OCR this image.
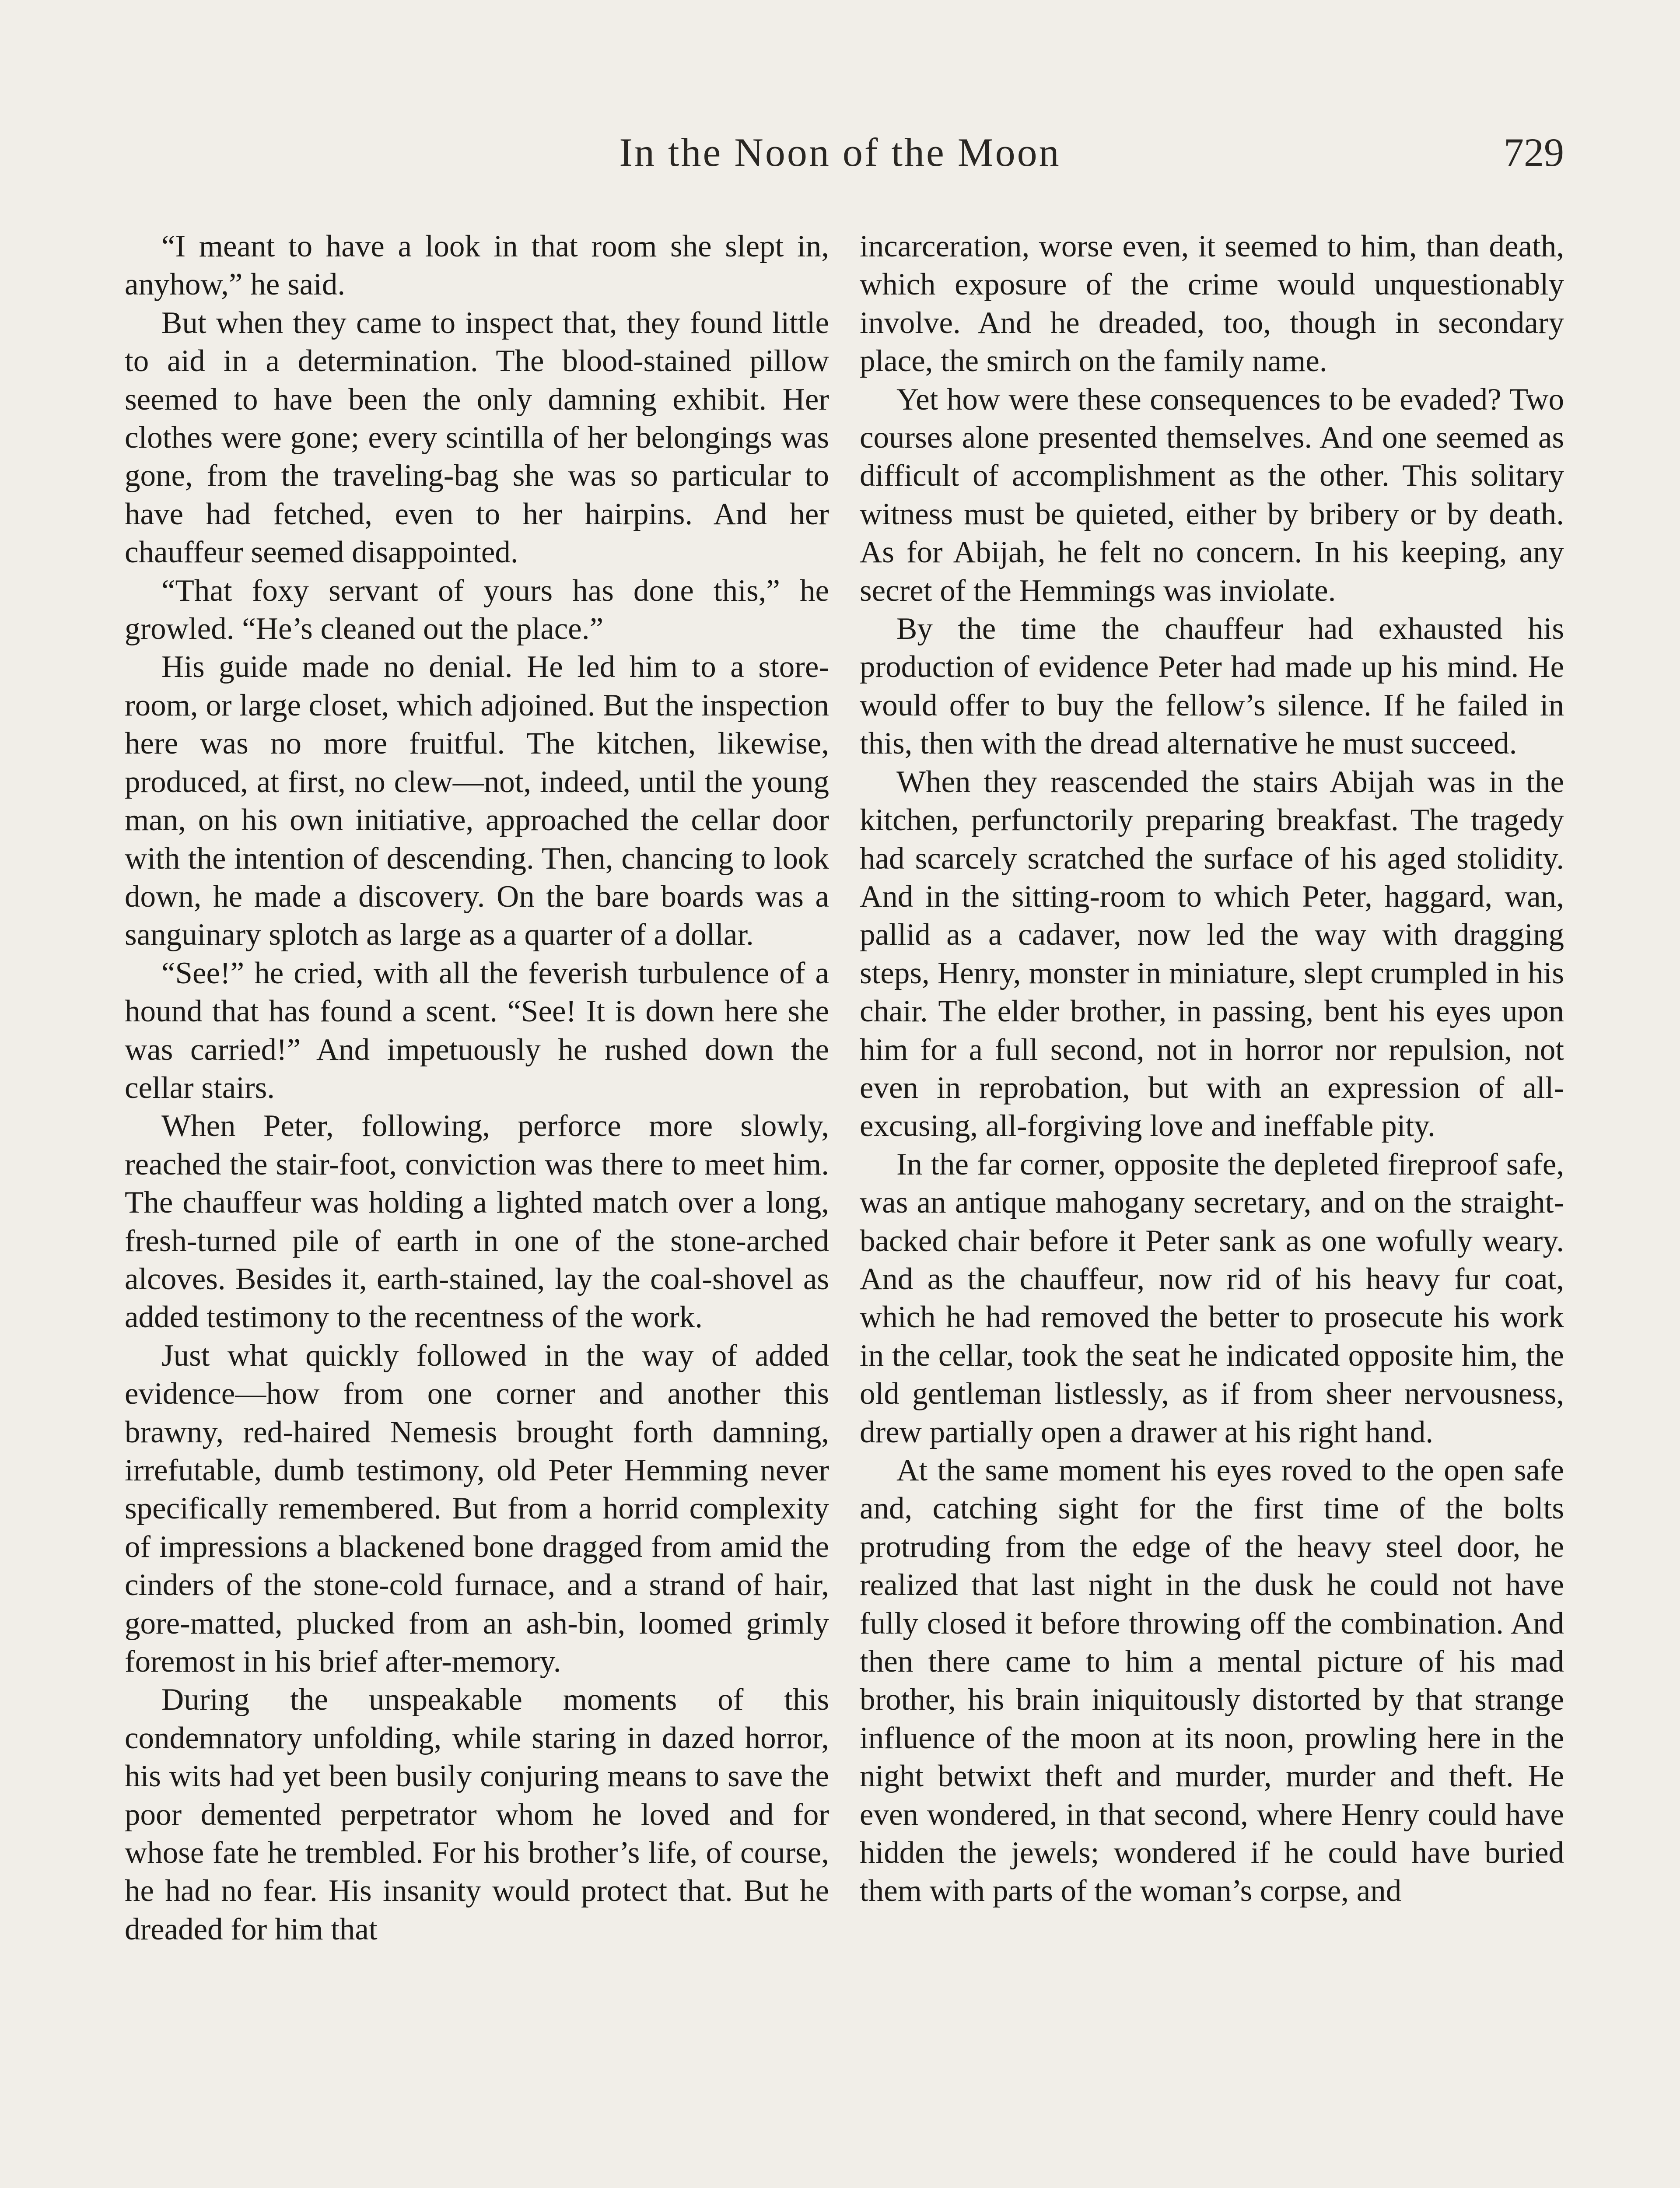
In the Noon of the Moon	729

“I meant to have a look in that room she slept in, anyhow,” he said.

But when they came to inspect that, they found little to aid in a determination. The blood-stained pillow seemed to have been the only damning exhibit. Her clothes were gone; every scintilla of her belongings was gone, from the traveling-bag she was so particular to have had fetched, even to her hairpins. And her chauffeur seemed disappointed.

“That foxy servant of yours has done this,” he growled. “He’s cleaned out the place.”

His guide made no denial. He led him to a store-room, or large closet, which adjoined. But the inspection here was no more fruitful. The kitchen, likewise, produced, at first, no clew—not, indeed, until the young man, on his own initiative, approached the cellar door with the intention of descending. Then, chancing to look down, he made a discovery. On the bare boards was a sanguinary splotch as large as a quarter of a dollar.

“See!” he cried, with all the feverish turbulence of a hound that has found a scent. “See! It is down here she was carried!” And impetuously he rushed down the cellar stairs.

When Peter, following, perforce more slowly, reached the stair-foot, conviction was there to meet him. The chauffeur was holding a lighted match over a long, fresh-turned pile of earth in one of the stone-arched alcoves. Besides it, earth-stained, lay the coal-shovel as added testimony to the recentness of the work.

Just what quickly followed in the way of added evidence—how from one corner and another this brawny, red-haired Nemesis brought forth damning, irrefutable, dumb testimony, old Peter Hemming never specifically remembered. But from a horrid complexity of impressions a blackened bone dragged from amid the cinders of the stone-cold furnace, and a strand of hair, gore-matted, plucked from an ash-bin, loomed grimly foremost in his brief after-memory.

During the unspeakable moments of this condemnatory unfolding, while staring in dazed horror, his wits had yet been busily conjuring means to save the poor demented perpetrator whom he loved and for whose fate he trembled. For his brother’s life, of course, he had no fear. His insanity would protect that. But he dreaded for him that

incarceration, worse even, it seemed to him, than death, which exposure of the crime would unquestionably involve. And he dreaded, too, though in secondary place, the smirch on the family name.

Yet how were these consequences to be evaded? Two courses alone presented themselves. And one seemed as difficult of accomplishment as the other. This solitary witness must be quieted, either by bribery or by death. As for Abijah, he felt no concern. In his keeping, any secret of the Hemmings was inviolate.

By the time the chauffeur had exhausted his production of evidence Peter had made up his mind. He would offer to buy the fellow’s silence. If he failed in this, then with the dread alternative he must succeed.

When they reascended the stairs Abijah was in the kitchen, perfunctorily preparing breakfast. The tragedy had scarcely scratched the surface of his aged stolidity. And in the sitting-room to which Peter, haggard, wan, pallid as a cadaver, now led the way with dragging steps, Henry, monster in miniature, slept crumpled in his chair. The elder brother, in passing, bent his eyes upon him for a full second, not in horror nor repulsion, not even in reprobation, but with an expression of all-excusing, all-forgiving love and ineffable pity.

In the far corner, opposite the depleted fireproof safe, was an antique mahogany secretary, and on the straight-backed chair before it Peter sank as one wofully weary. And as the chauffeur, now rid of his heavy fur coat, which he had removed the better to prosecute his work in the cellar, took the seat he indicated opposite him, the old gentleman listlessly, as if from sheer nervousness, drew partially open a drawer at his right hand.

At the same moment his eyes roved to the open safe and, catching sight for the first time of the bolts protruding from the edge of the heavy steel door, he realized that last night in the dusk he could not have fully closed it before throwing off the combination. And then there came to him a mental picture of his mad brother, his brain iniquitously distorted by that strange influence of the moon at its noon, prowling here in the night betwixt theft and murder, murder and theft. He even wondered, in that second, where Henry could have hidden the jewels; wondered if he could have buried them with parts of the woman’s corpse, and
